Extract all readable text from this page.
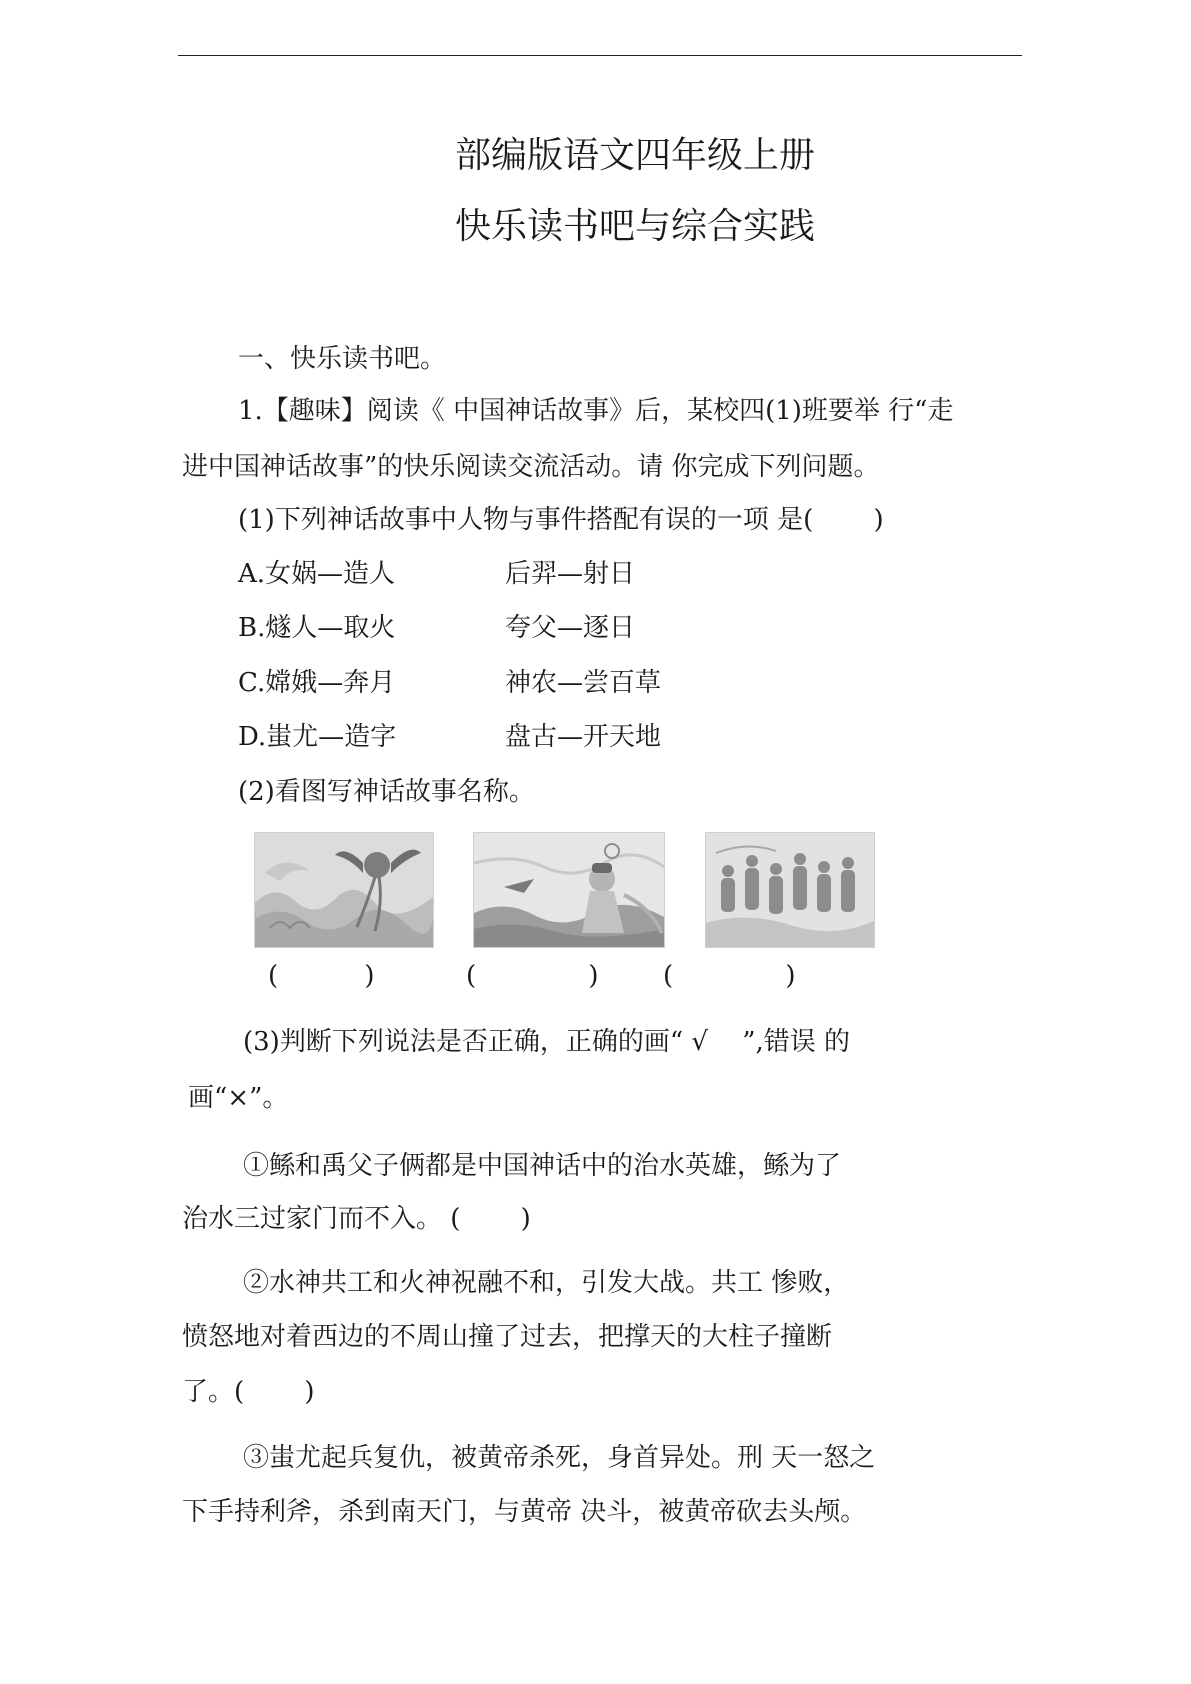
部编版语文四年级上册
快乐读书吧与综合实践
一、快乐读书吧。
1.【趣味】阅读《 中国神话故事》后，某校四(1)班要举 行“走
进中国神话故事”的快乐阅读交流活动。请 你完成下列问题。
(1)下列神话故事中人物与事件搭配有误的一项 是(　　 )
A.女娲—造人	后羿—射日
B.燧人—取火	夸父—逐日
C.嫦娥—奔月	神农—尝百草
D.蚩尤—造字	盘古—开天地
(2)看图写神话故事名称。
(　　　 )	(　　　　 ) (　　　　 )
(3)判断下列说法是否正确，正确的画“ √　 ”,错误 的
画“×”。
①鲧和禹父子俩都是中国神话中的治水英雄，鲧为了
治水三过家门而不入。 (　　 )
②水神共工和火神祝融不和，引发大战。共工 惨败，
愤怒地对着西边的不周山撞了过去，把撑天的大柱子撞断
了。(　　 )
③蚩尤起兵复仇，被黄帝杀死，身首异处。刑 天一怒之
下手持利斧，杀到南天门，与黄帝 决斗，被黄帝砍去头颅。
